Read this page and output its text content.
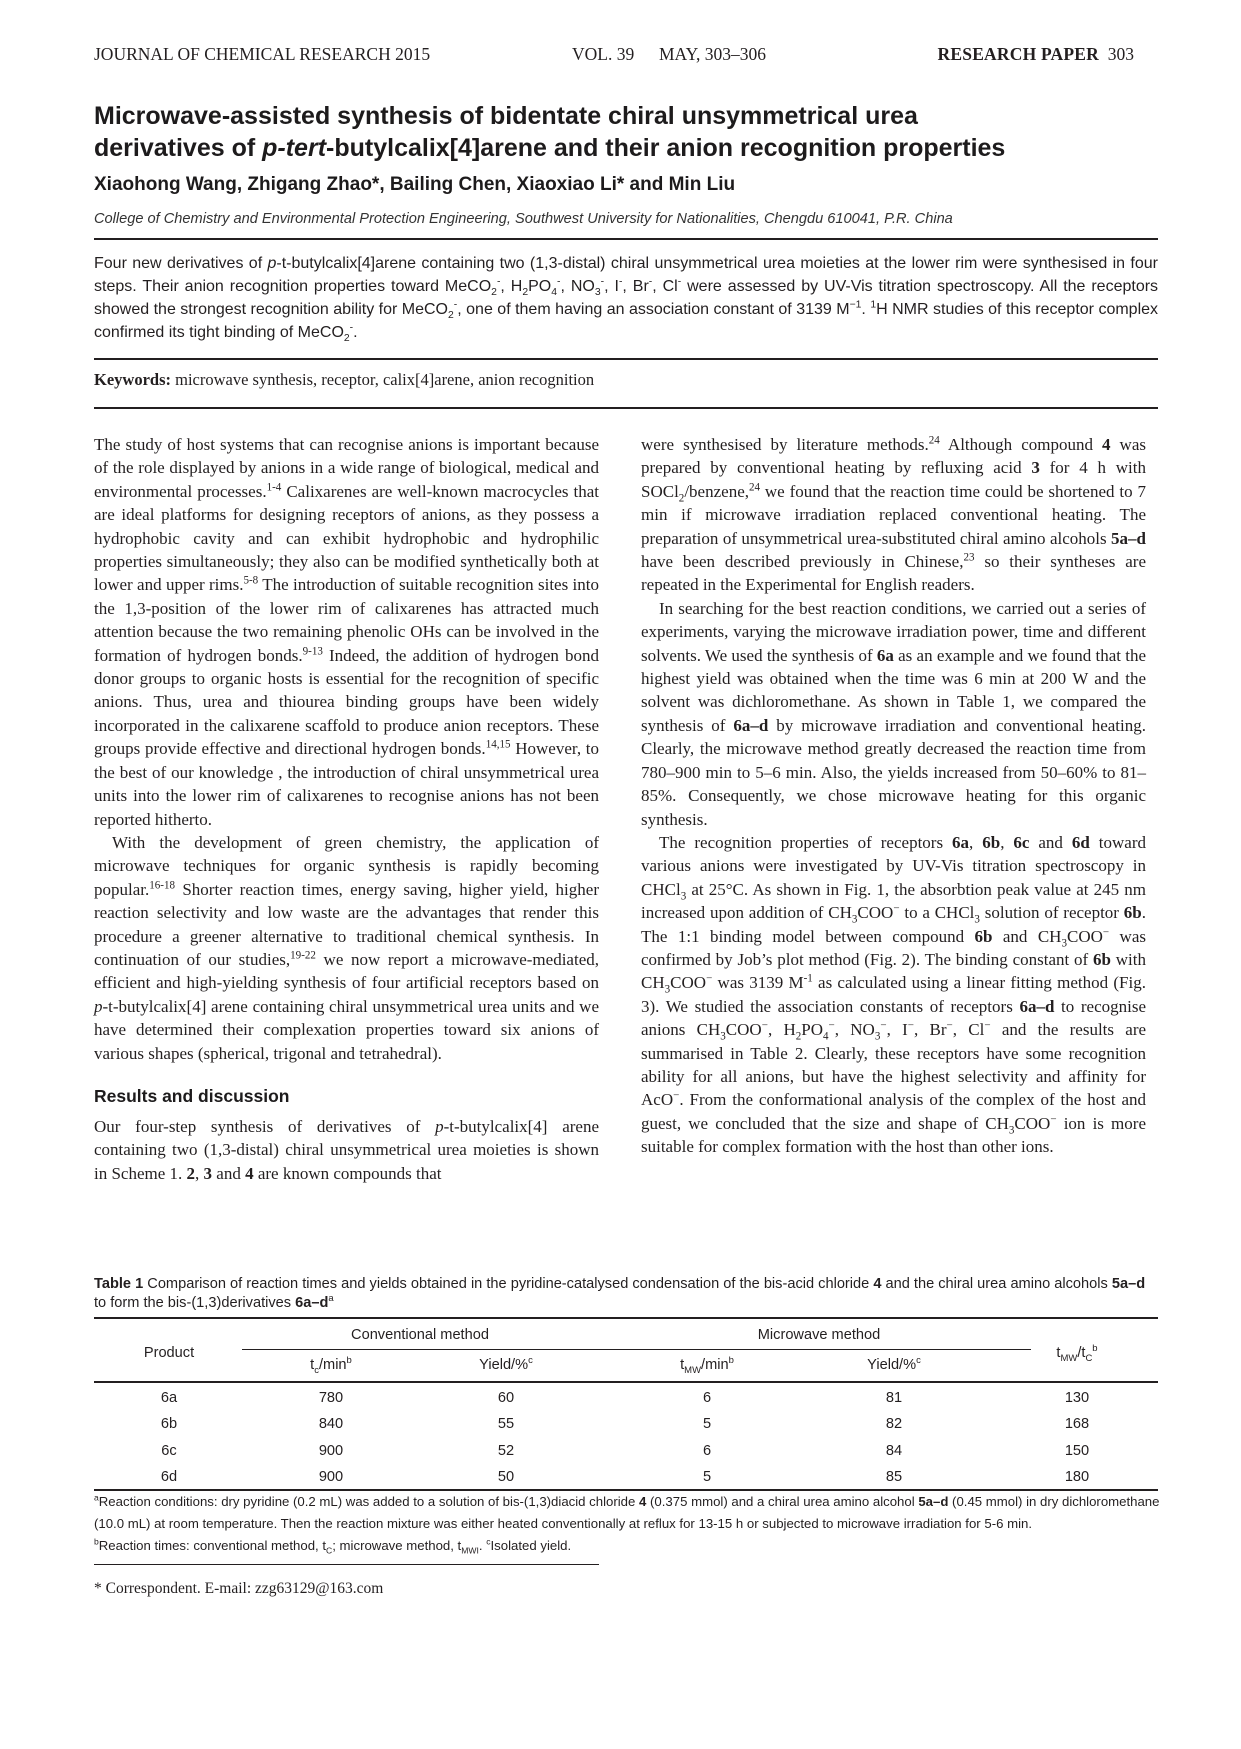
JOURNAL OF CHEMICAL RESEARCH 2015	VOL. 39 MAY, 303–306	RESEARCH PAPER 303
Microwave-assisted synthesis of bidentate chiral unsymmetrical urea
derivatives of p-tert-butylcalix[4]arene and their anion recognition properties
Xiaohong Wang, Zhigang Zhao*, Bailing Chen, Xiaoxiao Li* and Min Liu
College of Chemistry and Environmental Protection Engineering, Southwest University for Nationalities, Chengdu 610041, P.R. China
Four new derivatives of p-t-butylcalix[4]arene containing two (1,3-distal) chiral unsymmetrical urea moieties at the lower rim were synthesised in four steps. Their anion recognition properties toward MeCO$_2$-, $H_2PO_4^-$, $NO_3^-$, I-, Br-, Cl- were assessed by UV-Vis titration spectroscopy. All the receptors showed the strongest recognition ability for MeCO$_2$-, one of them having an association constant of 3139 $M^{-1}$. $^1$H NMR studies of this receptor complex confirmed its tight binding of MeCO$_2$-.
Keywords: microwave synthesis, receptor, calix[4]arene, anion recognition

The study of host systems that can recognise anions is important because of the role displayed by anions in a wide range of biological, medical and environmental processes.$^{1-4}$ Calixarenes are well-known macrocycles that are ideal platforms for designing receptors of anions, as they possess a hydrophobic cavity and can exhibit hydrophobic and hydrophilic properties simultaneously; they also can be modified synthetically both at lower and upper rims.$^{5-8}$ The introduction of suitable recognition sites into the 1,3-position of the lower rim of calixarenes has attracted much attention because the two remaining phenolic OHs can be involved in the formation of hydrogen bonds.$^{9-13}$ Indeed, the addition of hydrogen bond donor groups to organic hosts is essential for the recognition of specific anions. Thus, urea and thiourea binding groups have been widely incorporated in the calixarene scaffold to produce anion receptors. These groups provide effective and directional hydrogen bonds.$^{14,15}$ However, to the best of our knowledge , the introduction of chiral unsymmetrical urea units into the lower rim of calixarenes to recognise anions has not been reported hitherto.

With the development of green chemistry, the application of microwave techniques for organic synthesis is rapidly becoming popular.$^{16-18}$ Shorter reaction times, energy saving, higher yield, higher reaction selectivity and low waste are the advantages that render this procedure a greener alternative to traditional chemical synthesis. In continuation of our studies,$^{19-22}$ we now report a microwave-mediated, efficient and high-yielding synthesis of four artificial receptors based on p-t-butylcalix[4] arene containing chiral unsymmetrical urea units and we have determined their complexation properties toward six anions of various shapes (spherical, trigonal and tetrahedral).

Results and discussion

Our four-step synthesis of derivatives of p-t-butylcalix[4] arene containing two (1,3-distal) chiral unsymmetrical urea moieties is shown in Scheme 1. 2, 3 and 4 are known compounds that

were synthesised by literature methods.$^{24}$ Although compound 4 was prepared by conventional heating by refluxing acid 3 for 4 h with SOCl$_2$/benzene,$^{24}$ we found that the reaction time could be shortened to 7 min if microwave irradiation replaced conventional heating. The preparation of unsymmetrical urea-substituted chiral amino alcohols 5a–d have been described previously in Chinese,$^{23}$ so their syntheses are repeated in the Experimental for English readers.

In searching for the best reaction conditions, we carried out a series of experiments, varying the microwave irradiation power, time and different solvents. We used the synthesis of 6a as an example and we found that the highest yield was obtained when the time was 6 min at 200 W and the solvent was dichloromethane. As shown in Table 1, we compared the synthesis of 6a–d by microwave irradiation and conventional heating. Clearly, the microwave method greatly decreased the reaction time from 780–900 min to 5–6 min. Also, the yields increased from 50–60% to 81–85%. Consequently, we chose microwave heating for this organic synthesis.

The recognition properties of receptors 6a, 6b, 6c and 6d toward various anions were investigated by UV-Vis titration spectroscopy in CHCl$_3$ at 25°C. As shown in Fig. 1, the absorbtion peak value at 245 nm increased upon addition of $CH_3COO^-$ to a CHCl$_3$ solution of receptor 6b. The 1:1 binding model between compound 6b and $CH_3COO^-$ was confirmed by Job’s plot method (Fig. 2). The binding constant of 6b with $CH_3COO^-$ was 3139 $M^{-1}$ as calculated using a linear fitting method (Fig. 3). We studied the association constants of receptors 6a–d to recognise anions $CH_3COO^-$, $H_2PO_4^-$, $NO_3^-$, I−, Br−, Cl− and the results are summarised in Table 2. Clearly, these receptors have some recognition ability for all anions, but have the highest selectivity and affinity for AcO−. From the conformational analysis of the complex of the host and guest, we concluded that the size and shape of $CH_3COO^-$ ion is more suitable for complex formation with the host than other ions.

Table 1 Comparison of reaction times and yields obtained in the pyridine-catalysed condensation of the bis-acid chloride 4 and the chiral urea amino alcohols 5a–d to form the bis-(1,3)derivatives $6a-d^a$
Product
Conventional method	Microwave method
$t_c/\min^b$	Yield/%$^c$	$t_{MW}/\min^b$	Yield/%$^c$	$t_{MW}/t_C^b$
6a	780	60	6	81	130
6b	840	55	5	82	168
6c	900	52	6	84	150
6d	900	50	5	85	180

$^a$Reaction conditions: dry pyridine (0.2 mL) was added to a solution of bis-(1,3)diacid chloride 4 (0.375 mmol) and a chiral urea amino alcohol 5a–d (0.45 mmol) in dry dichloromethane

(10.0 mL) at room temperature. Then the reaction mixture was either heated conventionally at reflux for 13-15 h or subjected to microwave irradiation for 5-6 min.

$^b$Reaction times: conventional method, $t_C$; microwave method, $t_{MWI}$. $^c$Isolated yield.

* Correspondent. E-mail: zzg63129@163.com
